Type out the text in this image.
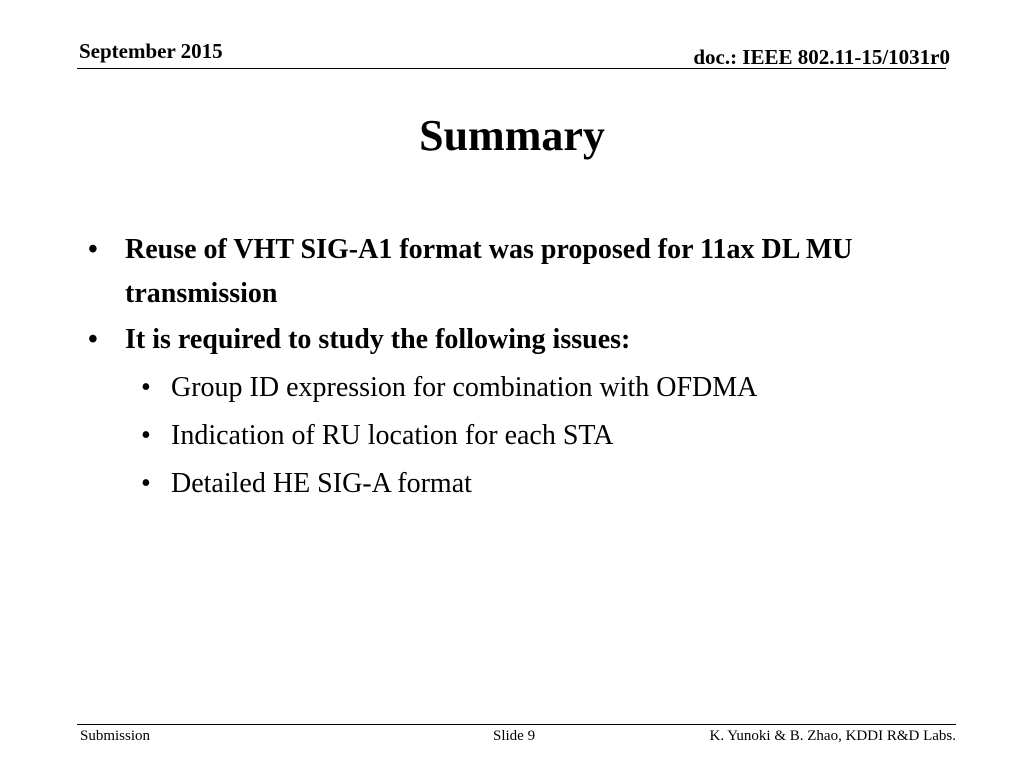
September 2015	doc.: IEEE 802.11-15/1031r0
Summary
• Reuse of VHT SIG-A1 format was proposed for 11ax DL MU transmission
• It is required to study the following issues:
• Group ID expression for combination with OFDMA
• Indication of RU location for each STA
• Detailed HE SIG-A format
Submission	Slide 9	K. Yunoki & B. Zhao, KDDI R&D Labs.
